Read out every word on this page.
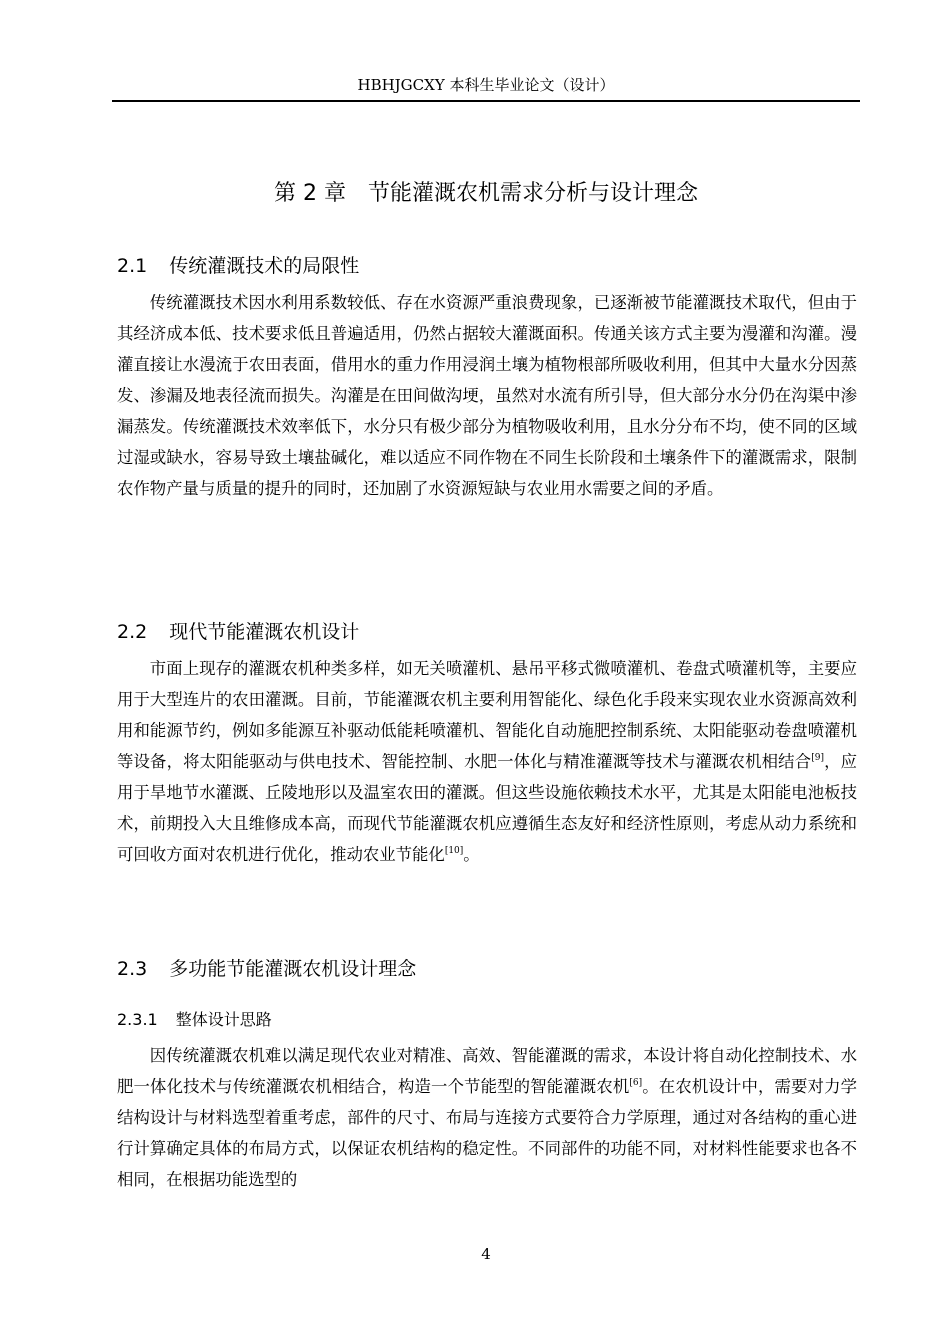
HBHJGCXY 本科生毕业论文（设计）
第 2 章 节能灌溉农机需求分析与设计理念
2.1 传统灌溉技术的局限性

传统灌溉技术因水利用系数较低、存在水资源严重浪费现象，已逐渐被节能灌溉技术取代，但由于其经济成本低、技术要求低且普遍适用，仍然占据较大灌溉面积。传通关该方式主要为漫灌和沟灌。漫灌直接让水漫流于农田表面，借用水的重力作用浸润土壤为植物根部所吸收利用，但其中大量水分因蒸发、渗漏及地表径流而损失。沟灌是在田间做沟埂，虽然对水流有所引导，但大部分水分仍在沟渠中渗漏蒸发。传统灌溉技术效率低下，水分只有极少部分为植物吸收利用，且水分分布不均，使不同的区域过湿或缺水，容易导致土壤盐碱化，难以适应不同作物在不同生长阶段和土壤条件下的灌溉需求，限制农作物产量与质量的提升的同时，还加剧了水资源短缺与农业用水需要之间的矛盾。

2.2 现代节能灌溉农机设计

市面上现存的灌溉农机种类多样，如无关喷灌机、悬吊平移式微喷灌机、卷盘式喷灌机等，主要应用于大型连片的农田灌溉。目前，节能灌溉农机主要利用智能化、绿色化手段来实现农业水资源高效利用和能源节约，例如多能源互补驱动低能耗喷灌机、智能化自动施肥控制系统、太阳能驱动卷盘喷灌机等设备，将太阳能驱动与供电技术、智能控制、水肥一体化与精准灌溉等技术与灌溉农机相结合[9]，应用于旱地节水灌溉、丘陵地形以及温室农田的灌溉。但这些设施依赖技术水平，尤其是太阳能电池板技术，前期投入大且维修成本高，而现代节能灌溉农机应遵循生态友好和经济性原则，考虑从动力系统和可回收方面对农机进行优化，推动农业节能化[10]。

2.3 多功能节能灌溉农机设计理念
2.3.1 整体设计思路

因传统灌溉农机难以满足现代农业对精准、高效、智能灌溉的需求，本设计将自动化控制技术、水肥一体化技术与传统灌溉农机相结合，构造一个节能型的智能灌溉农机[6]。在农机设计中，需要对力学结构设计与材料选型着重考虑，部件的尺寸、布局与连接方式要符合力学原理，通过对各结构的重心进行计算确定具体的布局方式，以保证农机结构的稳定性。不同部件的功能不同，对材料性能要求也各不相同，在根据功能选型的

4
